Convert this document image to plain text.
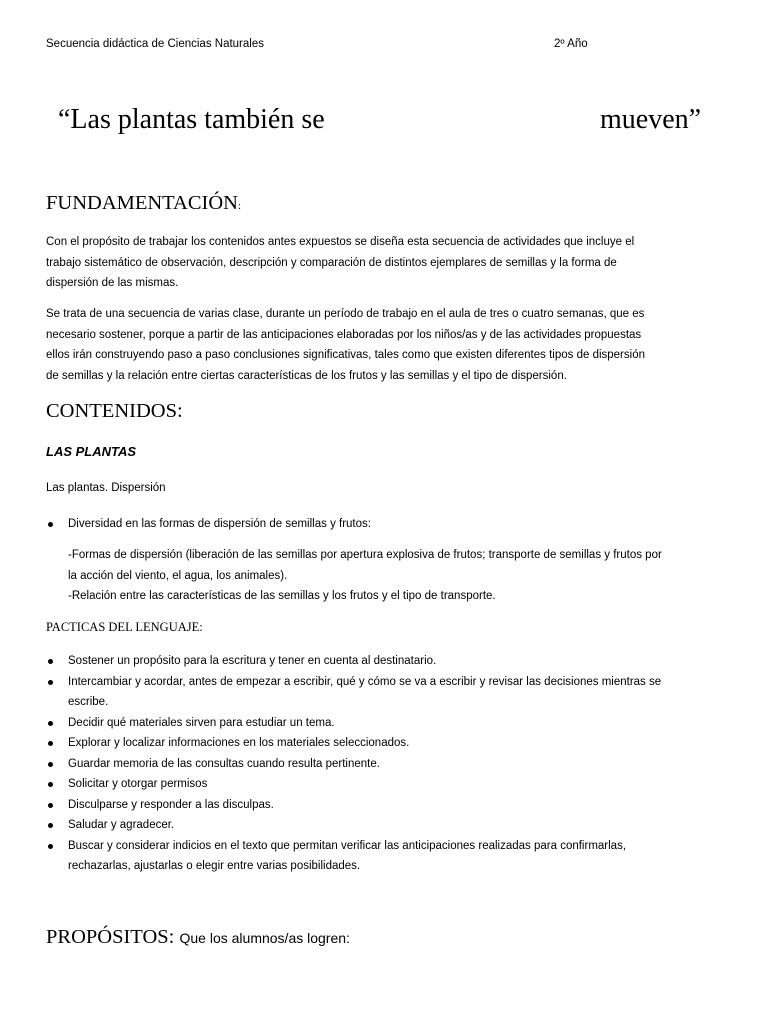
Secuencia didáctica de Ciencias Naturales	2º Año
“Las plantas también se	mueven”
FUNDAMENTACIÓN:
Con el propósito de trabajar los contenidos antes expuestos se diseña esta secuencia de actividades que incluye el
trabajo sistemático de observación, descripción y comparación de distintos ejemplares de semillas y la forma de
dispersión de las mismas.
Se trata de una secuencia de varias clase, durante un período de trabajo en el aula de tres o cuatro semanas, que es
necesario sostener, porque a partir de las anticipaciones elaboradas por los niños/as y de las actividades propuestas
ellos irán construyendo paso a paso conclusiones significativas, tales como que existen diferentes tipos de dispersión
de semillas y la relación entre ciertas características de los frutos y las semillas y el tipo de dispersión.
CONTENIDOS:
LAS PLANTAS
Las plantas. Dispersión
Diversidad en las formas de dispersión de semillas y frutos:
-Formas de dispersión (liberación de las semillas por apertura explosiva de frutos; transporte de semillas y frutos por
la acción del viento, el agua, los animales).
-Relación entre las características de las semillas y los frutos y el tipo de transporte.
PACTICAS DEL LENGUAJE:
Sostener un propósito para la escritura y tener en cuenta al destinatario.
Intercambiar y acordar, antes de empezar a escribir, qué y cómo se va a escribir y revisar las decisiones mientras se
escribe.
Decidir qué materiales sirven para estudiar un tema.
Explorar y localizar informaciones en los materiales seleccionados.
Guardar memoria de las consultas cuando resulta pertinente.
Solicitar y otorgar permisos
Disculparse y responder a las disculpas.
Saludar y agradecer.
Buscar y considerar indicios en el texto que permitan verificar las anticipaciones realizadas para confirmarlas,
rechazarlas, ajustarlas o elegir entre varias posibilidades.
PROPÓSITOS: Que los alumnos/as logren:
